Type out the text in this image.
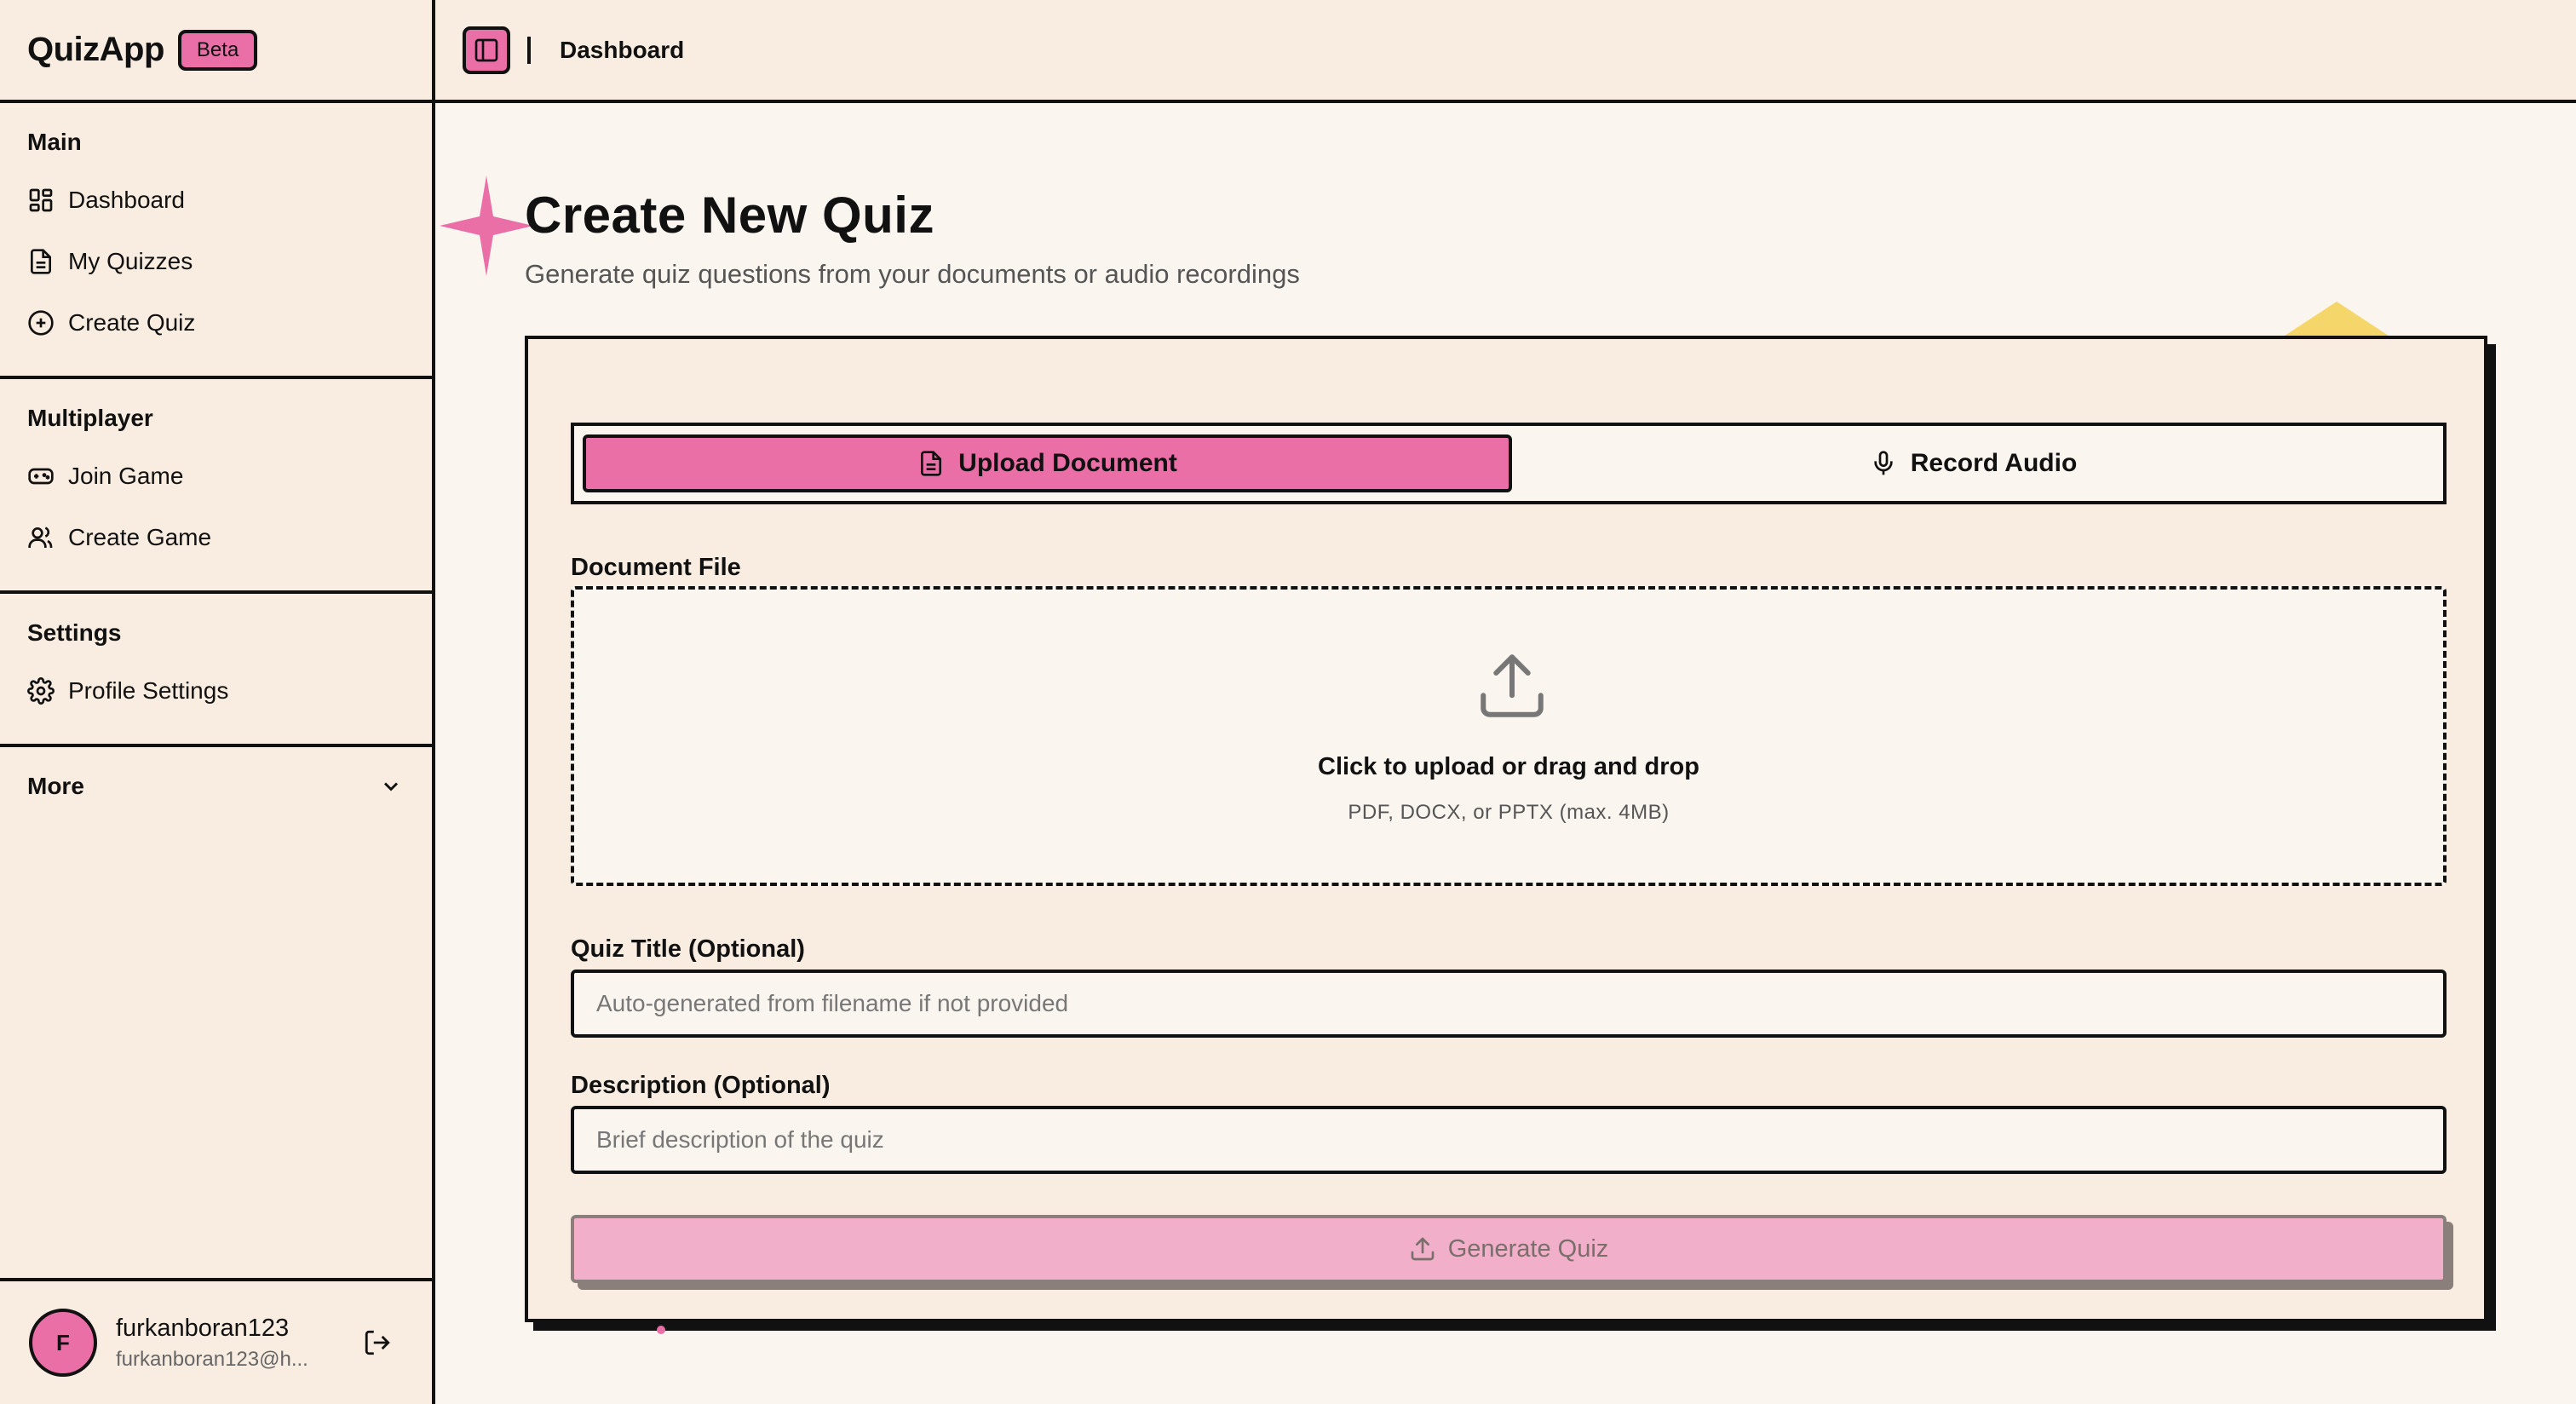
QuizApp	Beta
Main
Dashboard
My Quizzes
Create Quiz
Multiplayer
Join Game
Create Game
Settings
Profile Settings
More
F
furkanboran123
furkanboran123@h...
Dashboard
Create New Quiz

Generate quiz questions from your documents or audio recordings

Upload Document	Record Audio
Document File
Click to upload or drag and drop
PDF, DOCX, or PPTX (max. 4MB)
Quiz Title (Optional)
Auto-generated from filename if not provided
Description (Optional)
Brief description of the quiz
Generate Quiz
